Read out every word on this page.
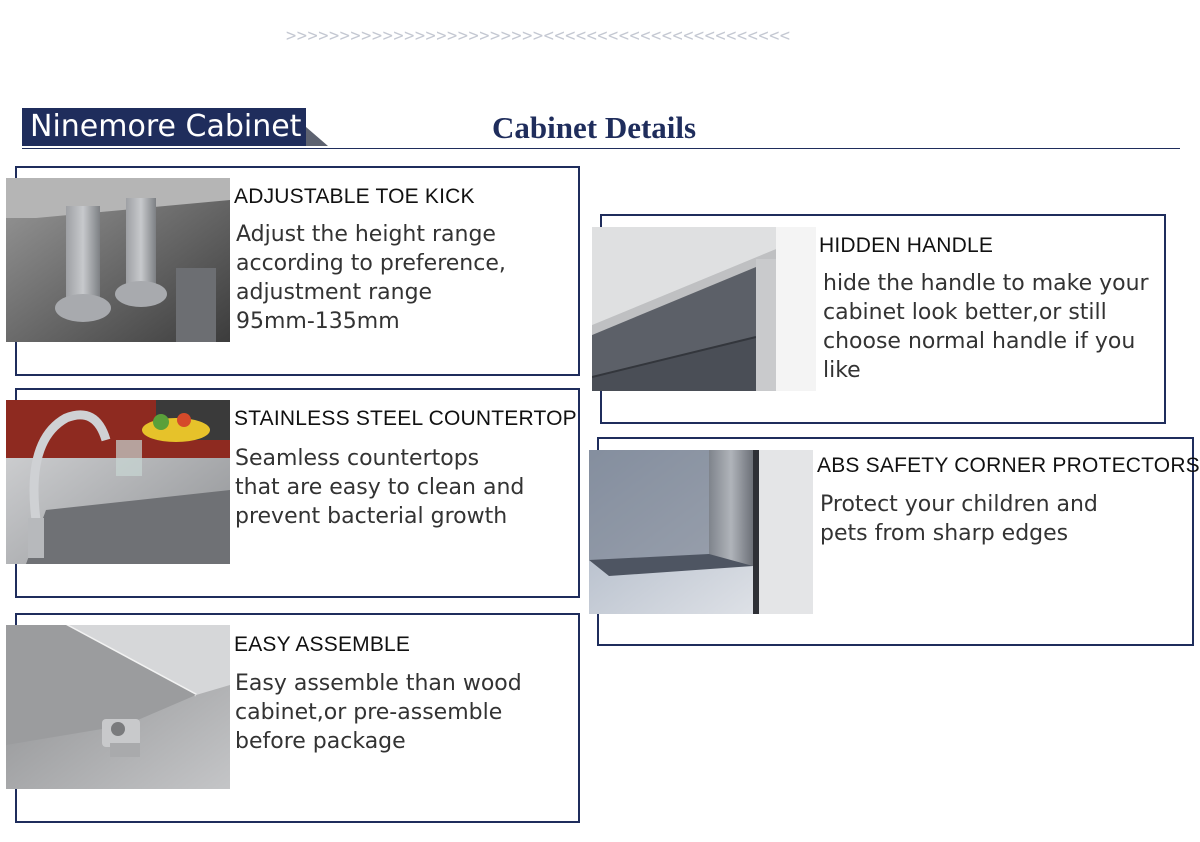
>>>>>>>>>>>>>>>>>>>>>>>><<<<<<<<<<<<<<<<<<<<<<<
Ninemore Cabinet	Cabinet Details
ADJUSTABLE TOE KICK
Adjust the height range
according to preference,
adjustment range
95mm-135mm
STAINLESS STEEL COUNTERTOP
Seamless countertops
that are easy to clean and
prevent bacterial growth
EASY ASSEMBLE
Easy assemble than wood
cabinet,or pre-assemble
before package
HIDDEN HANDLE
hide the handle to make your
cabinet look better,or still
choose normal handle if you
like
ABS SAFETY CORNER PROTECTORS
Protect your children and
pets from sharp edges
